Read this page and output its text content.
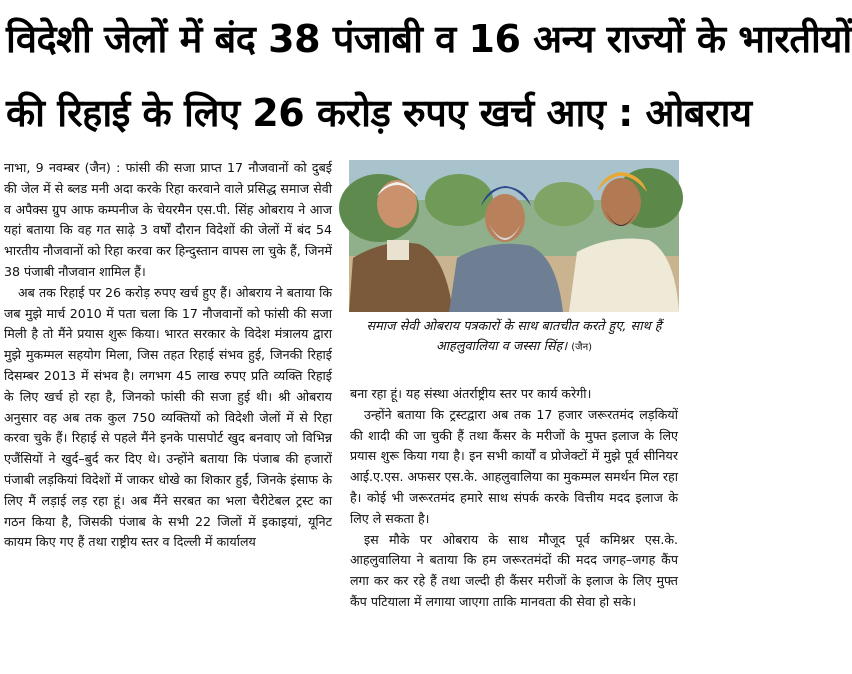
विदेशी जेलों में बंद 38 पंजाबी व 16 अन्य राज्यों के भारतीयों
की रिहाई के लिए 26 करोड़ रुपए खर्च आए : ओबराय

नाभा, 9 नवम्बर (जैन) : फांसी की सजा प्राप्त 17 नौजवानों को दुबई की जेल में से ब्लड मनी अदा करके रिहा करवाने वाले प्रसिद्ध समाज सेवी व अपैक्स ग्रुप आफ कम्पनीज के चेयरमैन एस.पी. सिंह ओबराय ने आज यहां बताया कि वह गत साढ़े 3 वर्षों दौरान विदेशों की जेलों में बंद 54 भारतीय नौजवानों को रिहा करवा कर हिन्दुस्तान वापस ला चुके हैं, जिनमें 38 पंजाबी नौजवान शामिल हैं।

अब तक रिहाई पर 26 करोड़ रुपए खर्च हुए हैं। ओबराय ने बताया कि जब मुझे मार्च 2010 में पता चला कि 17 नौजवानों को फांसी की सजा मिली है तो मैंने प्रयास शुरू किया। भारत सरकार के विदेश मंत्रालय द्वारा मुझे मुकम्मल सहयोग मिला, जिस तहत रिहाई संभव हुई, जिनकी रिहाई दिसम्बर 2013 में संभव है। लगभग 45 लाख रुपए प्रति व्यक्ति रिहाई के लिए खर्च हो रहा है, जिनको फांसी की सजा हुई थी। श्री ओबराय अनुसार वह अब तक कुल 750 व्यक्तियों को विदेशी जेलों में से रिहा करवा चुके हैं। रिहाई से पहले मैंने इनके पासपोर्ट खुद बनवाए जो विभिन्न एजैंसियों ने खुर्द–बुर्द कर दिए थे। उन्होंने बताया कि पंजाब की हजारों पंजाबी लड़कियां विदेशों में जाकर धोखे का शिकार हुईं, जिनके इंसाफ के लिए मैं लड़ाई लड़ रहा हूं। अब मैंने सरबत का भला चैरीटेबल ट्रस्ट का गठन किया है, जिसकी पंजाब के सभी 22 जिलों में इकाइयां, यूनिट कायम किए गए हैं तथा राष्ट्रीय स्तर व दिल्ली में कार्यालय

समाज सेवी ओबराय पत्रकारों के साथ बातचीत करते हुए, साथ हैं आहलुवालिया व जस्सा सिंह। (जैन)

बना रहा हूं। यह संस्था अंतर्राष्ट्रीय स्तर पर कार्य करेगी।

उन्होंने बताया कि ट्रस्टद्वारा अब तक 17 हजार जरूरतमंद लड़कियों की शादी की जा चुकी हैं तथा कैंसर के मरीजों के मुफ्त इलाज के लिए प्रयास शुरू किया गया है। इन सभी कार्यों व प्रोजेक्टों में मुझे पूर्व सीनियर आई.ए.एस. अफसर एस.के. आहलुवालिया का मुकम्मल समर्थन मिल रहा है। कोई भी जरूरतमंद हमारे साथ संपर्क करके वित्तीय मदद इलाज के लिए ले सकता है।

इस मौके पर ओबराय के साथ मौजूद पूर्व कमिश्नर एस.के. आहलुवालिया ने बताया कि हम जरूरतमंदों की मदद जगह–जगह कैंप लगा कर कर रहे हैं तथा जल्दी ही कैंसर मरीजों के इलाज के लिए मुफ्त कैंप पटियाला में लगाया जाएगा ताकि मानवता की सेवा हो सके।
